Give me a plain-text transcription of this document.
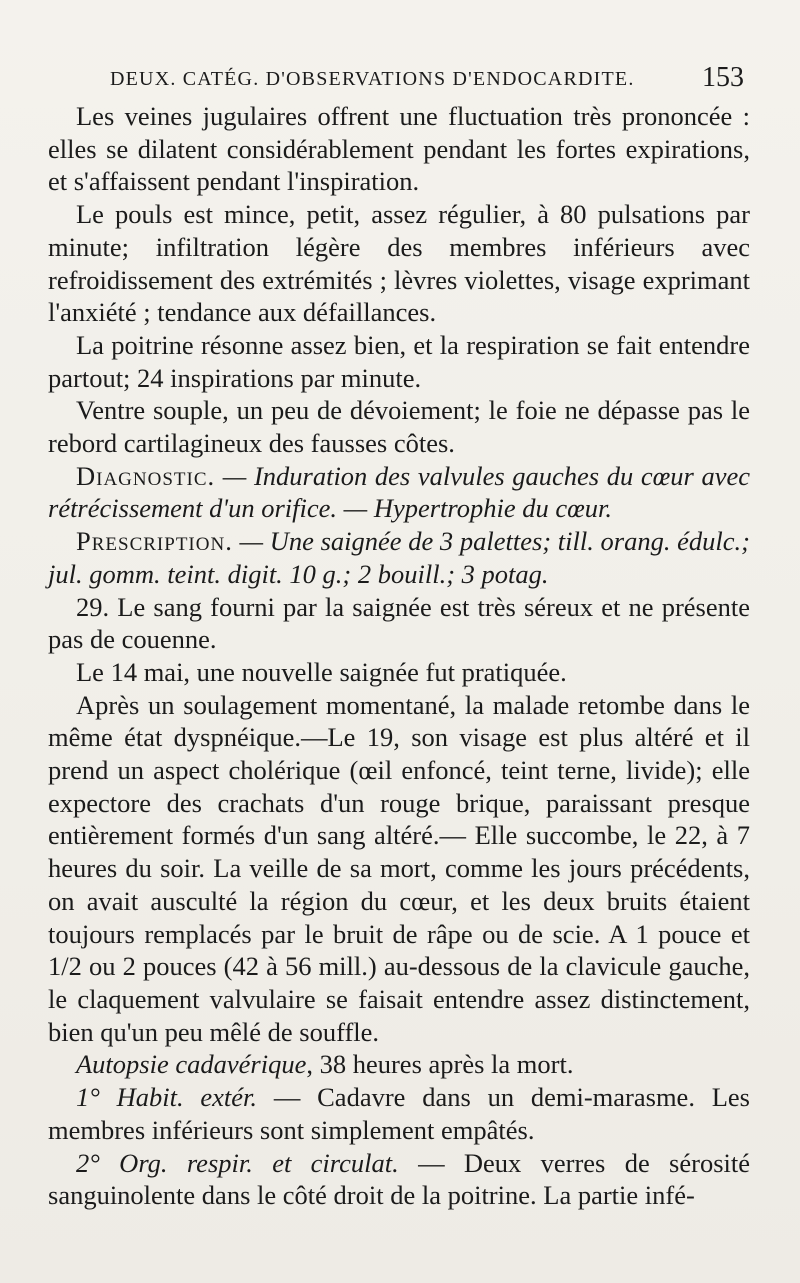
DEUX. CATÉG. D'OBSERVATIONS D'ENDOCARDITE. 153

Les veines jugulaires offrent une fluctuation très prononcée : elles se dilatent considérablement pendant les fortes expirations, et s'affaissent pendant l'inspiration.

Le pouls est mince, petit, assez régulier, à 80 pulsations par minute; infiltration légère des membres inférieurs avec refroidissement des extrémités ; lèvres violettes, visage exprimant l'anxiété ; tendance aux défaillances.

La poitrine résonne assez bien, et la respiration se fait entendre partout; 24 inspirations par minute.

Ventre souple, un peu de dévoiement; le foie ne dépasse pas le rebord cartilagineux des fausses côtes.

Diagnostic. — Induration des valvules gauches du cœur avec rétrécissement d'un orifice. — Hypertrophie du cœur.

Prescription. — Une saignée de 3 palettes; till. orang. édulc.; jul. gomm. teint. digit. 10 g.; 2 bouill.; 3 potag.

29. Le sang fourni par la saignée est très séreux et ne présente pas de couenne.

Le 14 mai, une nouvelle saignée fut pratiquée.

Après un soulagement momentané, la malade retombe dans le même état dyspnéique.—Le 19, son visage est plus altéré et il prend un aspect cholérique (œil enfoncé, teint terne, livide); elle expectore des crachats d'un rouge brique, paraissant presque entièrement formés d'un sang altéré.— Elle succombe, le 22, à 7 heures du soir. La veille de sa mort, comme les jours précédents, on avait ausculté la région du cœur, et les deux bruits étaient toujours remplacés par le bruit de râpe ou de scie. A 1 pouce et 1/2 ou 2 pouces (42 à 56 mill.) au-dessous de la clavicule gauche, le claquement valvulaire se faisait entendre assez distinctement, bien qu'un peu mêlé de souffle.

Autopsie cadavérique, 38 heures après la mort.

1° Habit. extér. — Cadavre dans un demi-marasme. Les membres inférieurs sont simplement empâtés.

2° Org. respir. et circulat. — Deux verres de sérosité sanguinolente dans le côté droit de la poitrine. La partie infé-
